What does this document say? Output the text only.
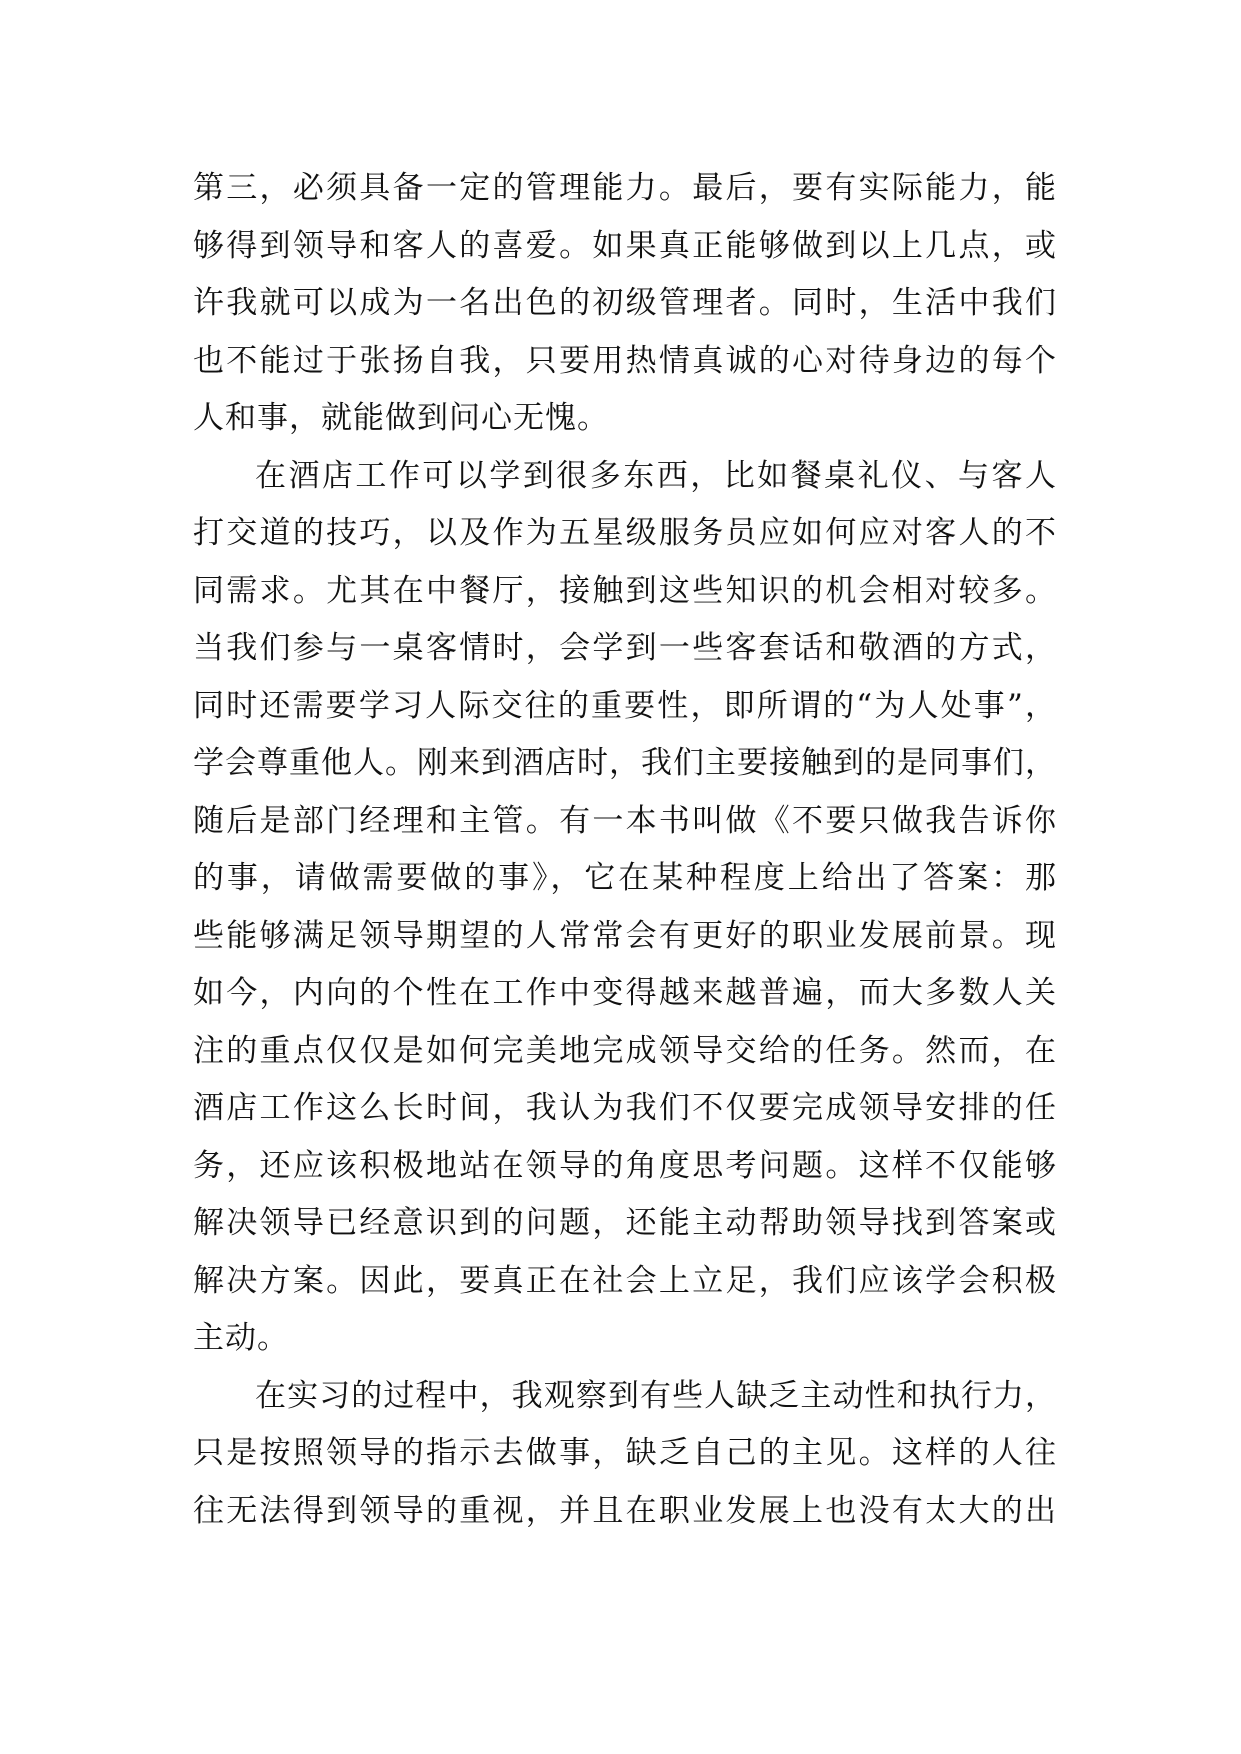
第三，必须具备一定的管理能力。最后，要有实际能力，能
够得到领导和客人的喜爱。如果真正能够做到以上几点，或
许我就可以成为一名出色的初级管理者。同时，生活中我们
也不能过于张扬自我，只要用热情真诚的心对待身边的每个
人和事，就能做到问心无愧。
在酒店工作可以学到很多东西，比如餐桌礼仪、与客人
打交道的技巧，以及作为五星级服务员应如何应对客人的不
同需求。尤其在中餐厅，接触到这些知识的机会相对较多。
当我们参与一桌客情时，会学到一些客套话和敬酒的方式，
同时还需要学习人际交往的重要性，即所谓的“为人处事”，
学会尊重他人。刚来到酒店时，我们主要接触到的是同事们，
随后是部门经理和主管。有一本书叫做《不要只做我告诉你
的事，请做需要做的事》，它在某种程度上给出了答案：那
些能够满足领导期望的人常常会有更好的职业发展前景。现
如今，内向的个性在工作中变得越来越普遍，而大多数人关
注的重点仅仅是如何完美地完成领导交给的任务。然而，在
酒店工作这么长时间，我认为我们不仅要完成领导安排的任
务，还应该积极地站在领导的角度思考问题。这样不仅能够
解决领导已经意识到的问题，还能主动帮助领导找到答案或
解决方案。因此，要真正在社会上立足，我们应该学会积极
主动。
在实习的过程中，我观察到有些人缺乏主动性和执行力，
只是按照领导的指示去做事，缺乏自己的主见。这样的人往
往无法得到领导的重视，并且在职业发展上也没有太大的出
